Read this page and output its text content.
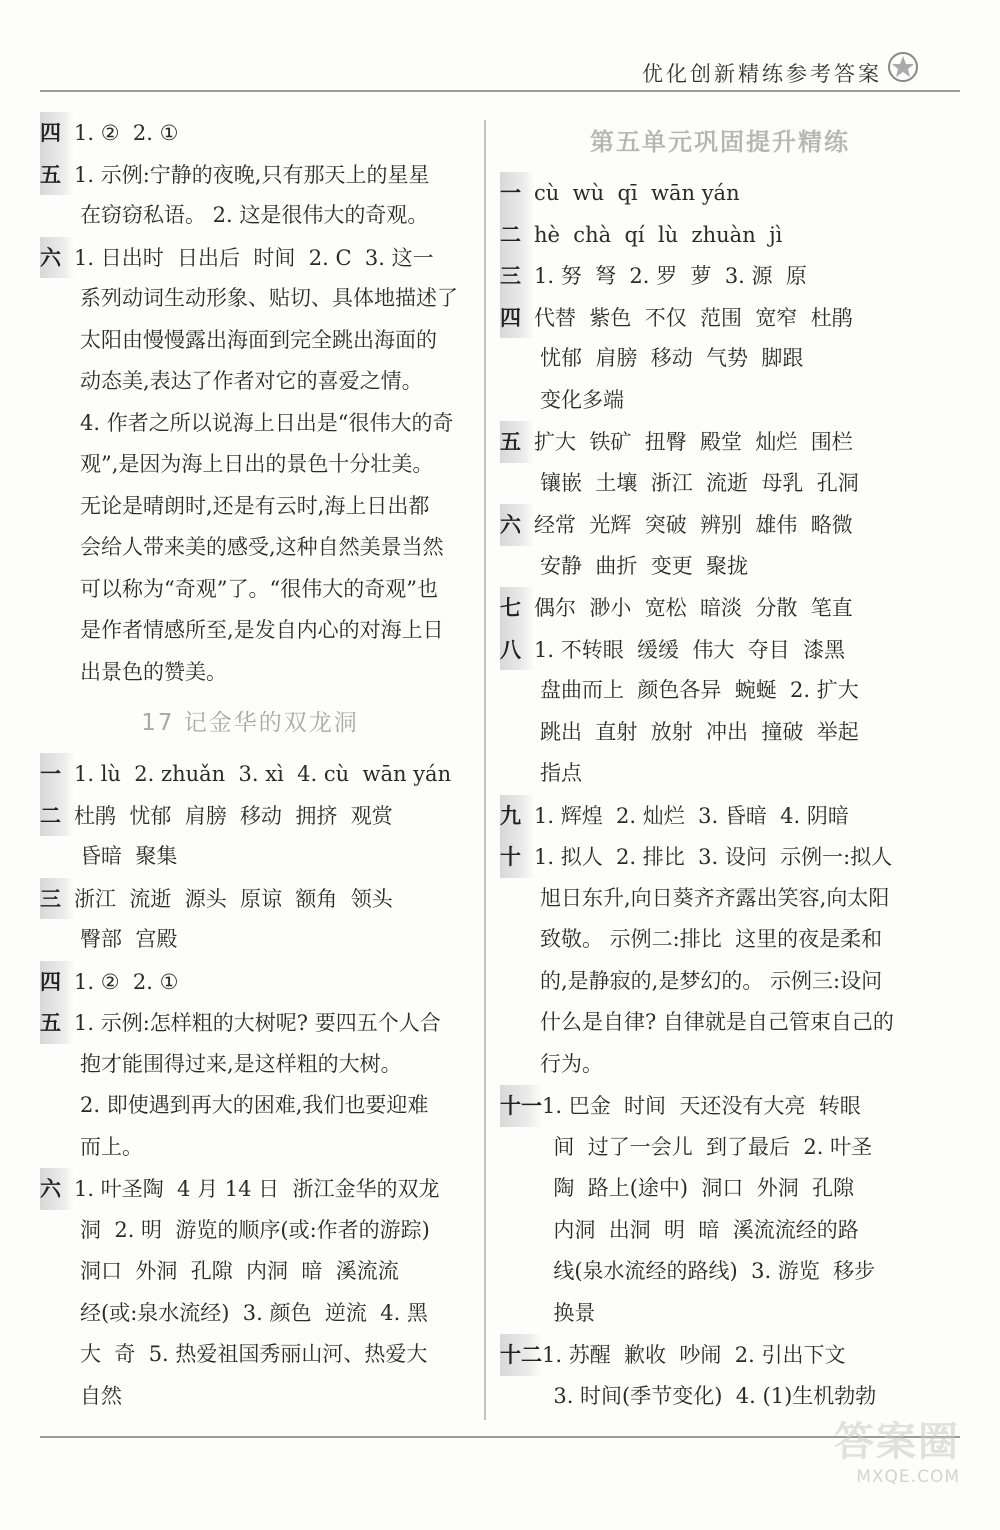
优化创新精练参考答案
四 1. ②  2. ①
五 1. 示例:宁静的夜晚,只有那天上的星星
在窃窃私语。 2. 这是很伟大的奇观。
六 1. 日出时  日出后  时间  2. C  3. 这一
系列动词生动形象、贴切、具体地描述了
太阳由慢慢露出海面到完全跳出海面的
动态美,表达了作者对它的喜爱之情。
4. 作者之所以说海上日出是“很伟大的奇
观”,是因为海上日出的景色十分壮美。
无论是晴朗时,还是有云时,海上日出都
会给人带来美的感受,这种自然美景当然
可以称为“奇观”了。“很伟大的奇观”也
是作者情感所至,是发自内心的对海上日
出景色的赞美。
17 记金华的双龙洞
一 1. lù  2. zhuǎn  3. xì  4. cù  wān yán
二 杜鹃  忧郁  肩膀  移动  拥挤  观赏
昏暗  聚集
三 浙江  流逝  源头  原谅  额角  领头
臀部  宫殿
四 1. ②  2. ①
五 1. 示例:怎样粗的大树呢? 要四五个人合
抱才能围得过来,是这样粗的大树。
2. 即使遇到再大的困难,我们也要迎难
而上。
六 1. 叶圣陶  4 月 14 日  浙江金华的双龙
洞  2. 明  游览的顺序(或:作者的游踪)
洞口  外洞  孔隙  内洞  暗  溪流流
经(或:泉水流经)  3. 颜色  逆流  4. 黑
大  奇  5. 热爱祖国秀丽山河、热爱大
自然
第五单元巩固提升精练
一 cù  wù  qī  wān yán
二 hè  chà  qí  lù  zhuàn  jì
三 1. 努  弩  2. 罗  萝  3. 源  原
四 代替  紫色  不仅  范围  宽窄  杜鹃
忧郁  肩膀  移动  气势  脚跟
变化多端
五 扩大  铁矿  扭臀  殿堂  灿烂  围栏
镶嵌  土壤  浙江  流逝  母乳  孔洞
六 经常  光辉  突破  辨别  雄伟  略微
安静  曲折  变更  聚拢
七 偶尔  渺小  宽松  暗淡  分散  笔直
八 1. 不转眼  缓缓  伟大  夺目  漆黑
盘曲而上  颜色各异  蜿蜒  2. 扩大
跳出  直射  放射  冲出  撞破  举起
指点
九 1. 辉煌  2. 灿烂  3. 昏暗  4. 阴暗
十 1. 拟人  2. 排比  3. 设问  示例一:拟人
旭日东升,向日葵齐齐露出笑容,向太阳
致敬。 示例二:排比  这里的夜是柔和
的,是静寂的,是梦幻的。 示例三:设问
什么是自律? 自律就是自己管束自己的
行为。
十一1. 巴金  时间  天还没有大亮  转眼
间  过了一会儿  到了最后  2. 叶圣
陶  路上(途中)  洞口  外洞  孔隙
内洞  出洞  明  暗  溪流流经的路
线(泉水流经的路线)  3. 游览  移步
换景
十二1. 苏醒  歉收  吵闹  2. 引出下文
3. 时间(季节变化)  4. (1)生机勃勃
答案圈
MXQE.COM
